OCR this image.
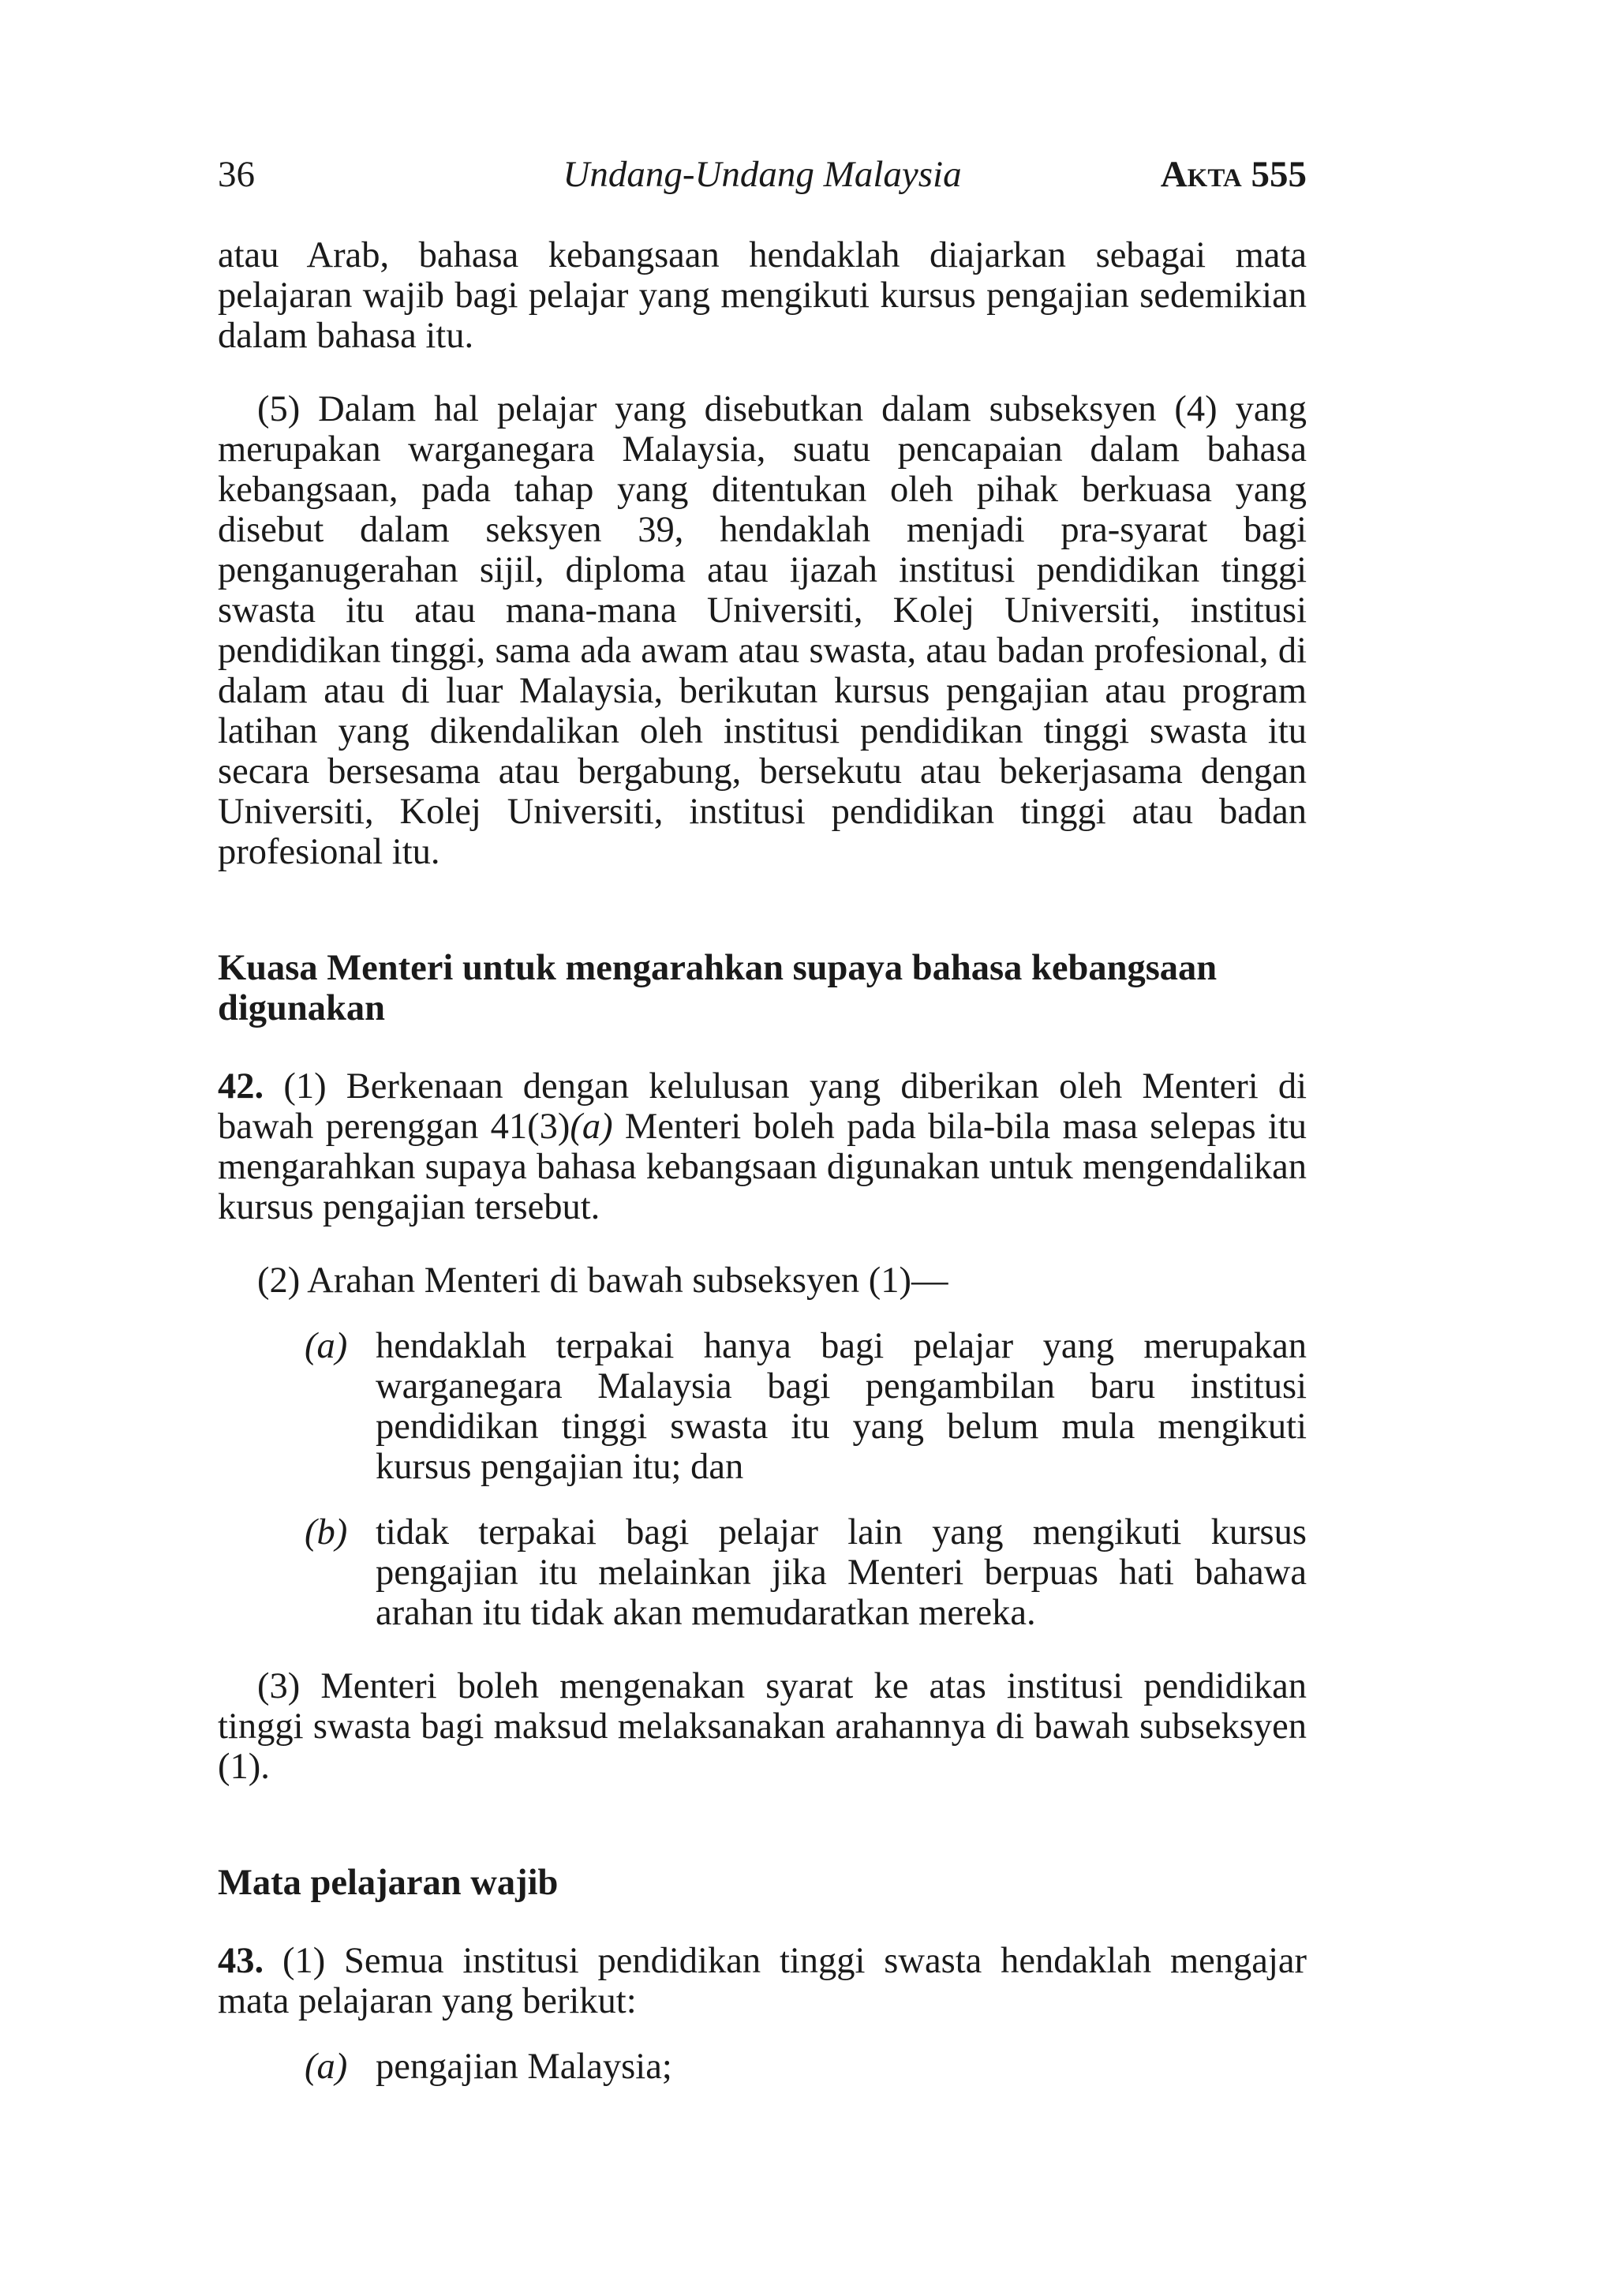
36	Undang-Undang Malaysia	Akta 555

atau Arab, bahasa kebangsaan hendaklah diajarkan sebagai mata pelajaran wajib bagi pelajar yang mengikuti kursus pengajian sedemikian dalam bahasa itu.

(5) Dalam hal pelajar yang disebutkan dalam subseksyen (4) yang merupakan warganegara Malaysia, suatu pencapaian dalam bahasa kebangsaan, pada tahap yang ditentukan oleh pihak berkuasa yang disebut dalam seksyen 39, hendaklah menjadi pra-syarat bagi penganugerahan sijil, diploma atau ijazah institusi pendidikan tinggi swasta itu atau mana-mana Universiti, Kolej Universiti, institusi pendidikan tinggi, sama ada awam atau swasta, atau badan profesional, di dalam atau di luar Malaysia, berikutan kursus pengajian atau program latihan yang dikendalikan oleh institusi pendidikan tinggi swasta itu secara bersesama atau bergabung, bersekutu atau bekerjasama dengan Universiti, Kolej Universiti, institusi pendidikan tinggi atau badan profesional itu.

Kuasa Menteri untuk mengarahkan supaya bahasa kebangsaan digunakan

42. (1) Berkenaan dengan kelulusan yang diberikan oleh Menteri di bawah perenggan 41(3)(a) Menteri boleh pada bila-bila masa selepas itu mengarahkan supaya bahasa kebangsaan digunakan untuk mengendalikan kursus pengajian tersebut.

(2) Arahan Menteri di bawah subseksyen (1)—

(a) hendaklah terpakai hanya bagi pelajar yang merupakan warganegara Malaysia bagi pengambilan baru institusi pendidikan tinggi swasta itu yang belum mula mengikuti kursus pengajian itu; dan
(b) tidak terpakai bagi pelajar lain yang mengikuti kursus pengajian itu melainkan jika Menteri berpuas hati bahawa arahan itu tidak akan memudaratkan mereka.

(3) Menteri boleh mengenakan syarat ke atas institusi pendidikan tinggi swasta bagi maksud melaksanakan arahannya di bawah subseksyen (1).

Mata pelajaran wajib

43. (1) Semua institusi pendidikan tinggi swasta hendaklah mengajar mata pelajaran yang berikut:

(a) pengajian Malaysia;
